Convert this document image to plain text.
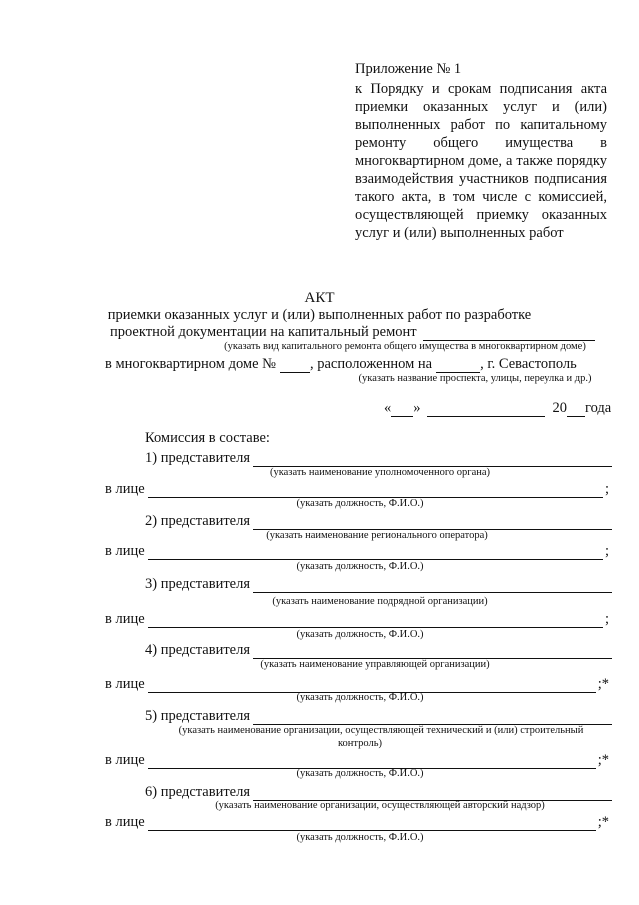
Приложение № 1
к Порядку и срокам подписания акта приемки оказанных услуг и (или) выполненных работ по капитальному ремонту общего имущества в многоквартирном доме, а также порядку взаимодействия участников подписания такого акта, в том числе с комиссией, осуществляющей приемку оказанных услуг и (или) выполненных работ
АКТ
приемки оказанных услуг и (или) выполненных работ по разработке
проектной документации на капитальный ремонт
(указать вид капитального ремонта общего имущества в многоквартирном доме)
в многоквартирном доме № , расположенном на	, г. Севастополь
(указать название проспекта, улицы, переулка и др.)
« »	20 года
Комиссия в составе:
1) представителя
(указать наименование уполномоченного органа)
в лице	;
(указать должность, Ф.И.О.)
2) представителя
(указать наименование регионального оператора)
в лице	;
(указать должность, Ф.И.О.)
3) представителя
(указать наименование подрядной организации)
в лице	;
(указать должность, Ф.И.О.)
4) представителя
(указать наименование управляющей организации)
в лице	;*
(указать должность, Ф.И.О.)
5) представителя
(указать наименование организации, осуществляющей технический и (или) строительный
контроль)
в лице	;*
(указать должность, Ф.И.О.)
6) представителя
(указать наименование организации, осуществляющей авторский надзор)
в лице	;*
(указать должность, Ф.И.О.)
